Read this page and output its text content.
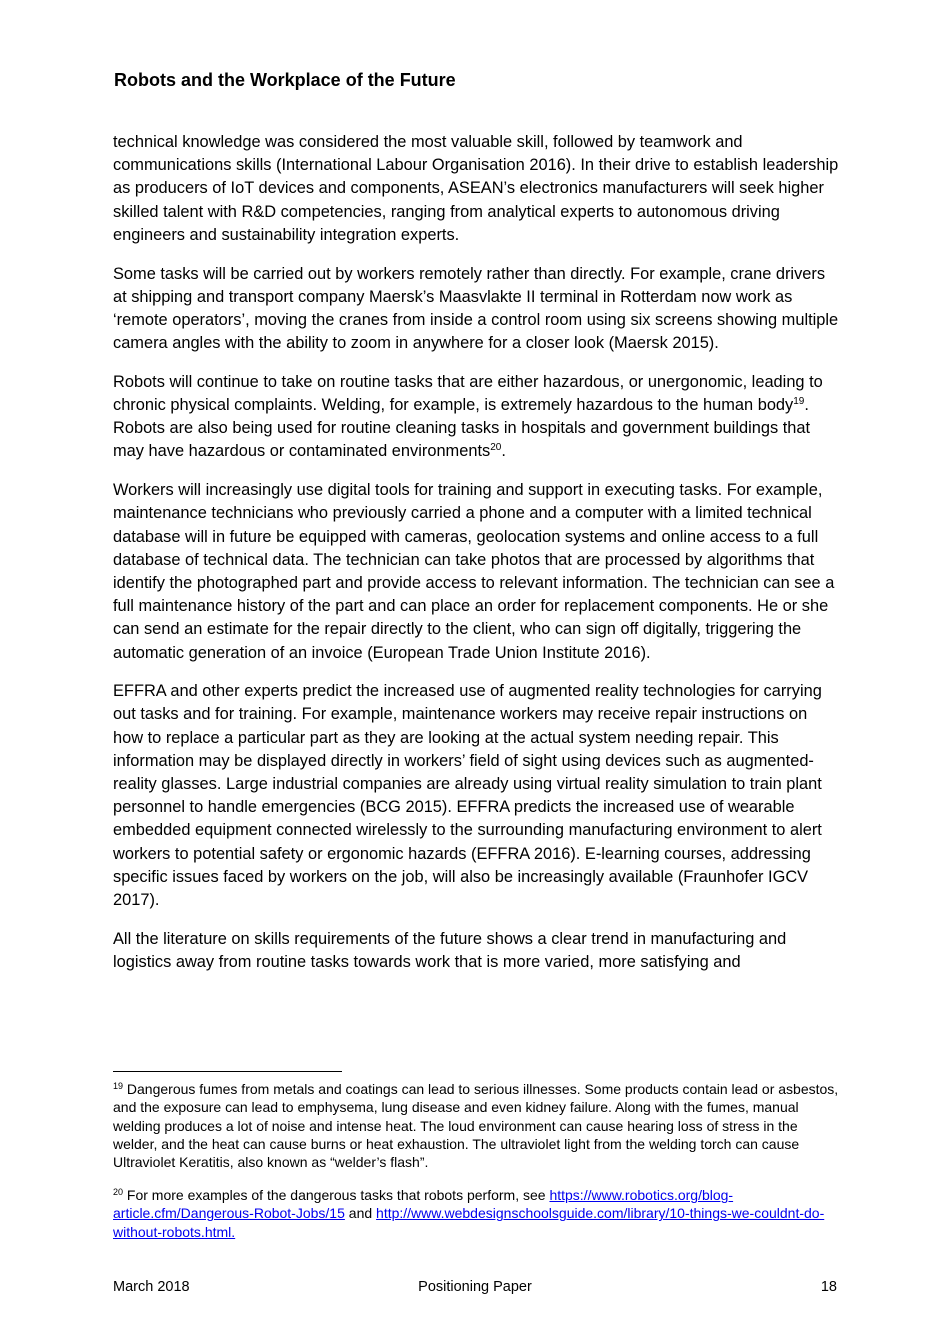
Robots and the Workplace of the Future

technical knowledge was considered the most valuable skill, followed by teamwork and communications skills (International Labour Organisation 2016). In their drive to establish leadership as producers of IoT devices and components, ASEAN’s electronics manufacturers will seek higher skilled talent with R&D competencies, ranging from analytical experts to autonomous driving engineers and sustainability integration experts.

Some tasks will be carried out by workers remotely rather than directly. For example, crane drivers at shipping and transport company Maersk’s Maasvlakte II terminal in Rotterdam now work as ‘remote operators’, moving the cranes from inside a control room using six screens showing multiple camera angles with the ability to zoom in anywhere for a closer look (Maersk 2015).

Robots will continue to take on routine tasks that are either hazardous, or unergonomic, leading to chronic physical complaints. Welding, for example, is extremely hazardous to the human body$^{19}$. Robots are also being used for routine cleaning tasks in hospitals and government buildings that may have hazardous or contaminated environments$^{20}$.

Workers will increasingly use digital tools for training and support in executing tasks. For example, maintenance technicians who previously carried a phone and a computer with a limited technical database will in future be equipped with cameras, geolocation systems and online access to a full database of technical data. The technician can take photos that are processed by algorithms that identify the photographed part and provide access to relevant information. The technician can see a full maintenance history of the part and can place an order for replacement components. He or she can send an estimate for the repair directly to the client, who can sign off digitally, triggering the automatic generation of an invoice (European Trade Union Institute 2016).

EFFRA and other experts predict the increased use of augmented reality technologies for carrying out tasks and for training. For example, maintenance workers may receive repair instructions on how to replace a particular part as they are looking at the actual system needing repair. This information may be displayed directly in workers’ field of sight using devices such as augmented-reality glasses. Large industrial companies are already using virtual reality simulation to train plant personnel to handle emergencies (BCG 2015). EFFRA predicts the increased use of wearable embedded equipment connected wirelessly to the surrounding manufacturing environment to alert workers to potential safety or ergonomic hazards (EFFRA 2016). E-learning courses, addressing specific issues faced by workers on the job, will also be increasingly available (Fraunhofer IGCV 2017).

All the literature on skills requirements of the future shows a clear trend in manufacturing and logistics away from routine tasks towards work that is more varied, more satisfying and

$^{19}$ Dangerous fumes from metals and coatings can lead to serious illnesses. Some products contain lead or asbestos, and the exposure can lead to emphysema, lung disease and even kidney failure. Along with the fumes, manual welding produces a lot of noise and intense heat. The loud environment can cause hearing loss of stress in the welder, and the heat can cause burns or heat exhaustion. The ultraviolet light from the welding torch can cause Ultraviolet Keratitis, also known as “welder’s flash”.

$^{20}$ For more examples of the dangerous tasks that robots perform, see https://www.robotics.org/blog-article.cfm/Dangerous-Robot-Jobs/15 and http://www.webdesignschoolsguide.com/library/10-things-we-couldnt-do-without-robots.html.

March 2018	Positioning Paper	18
